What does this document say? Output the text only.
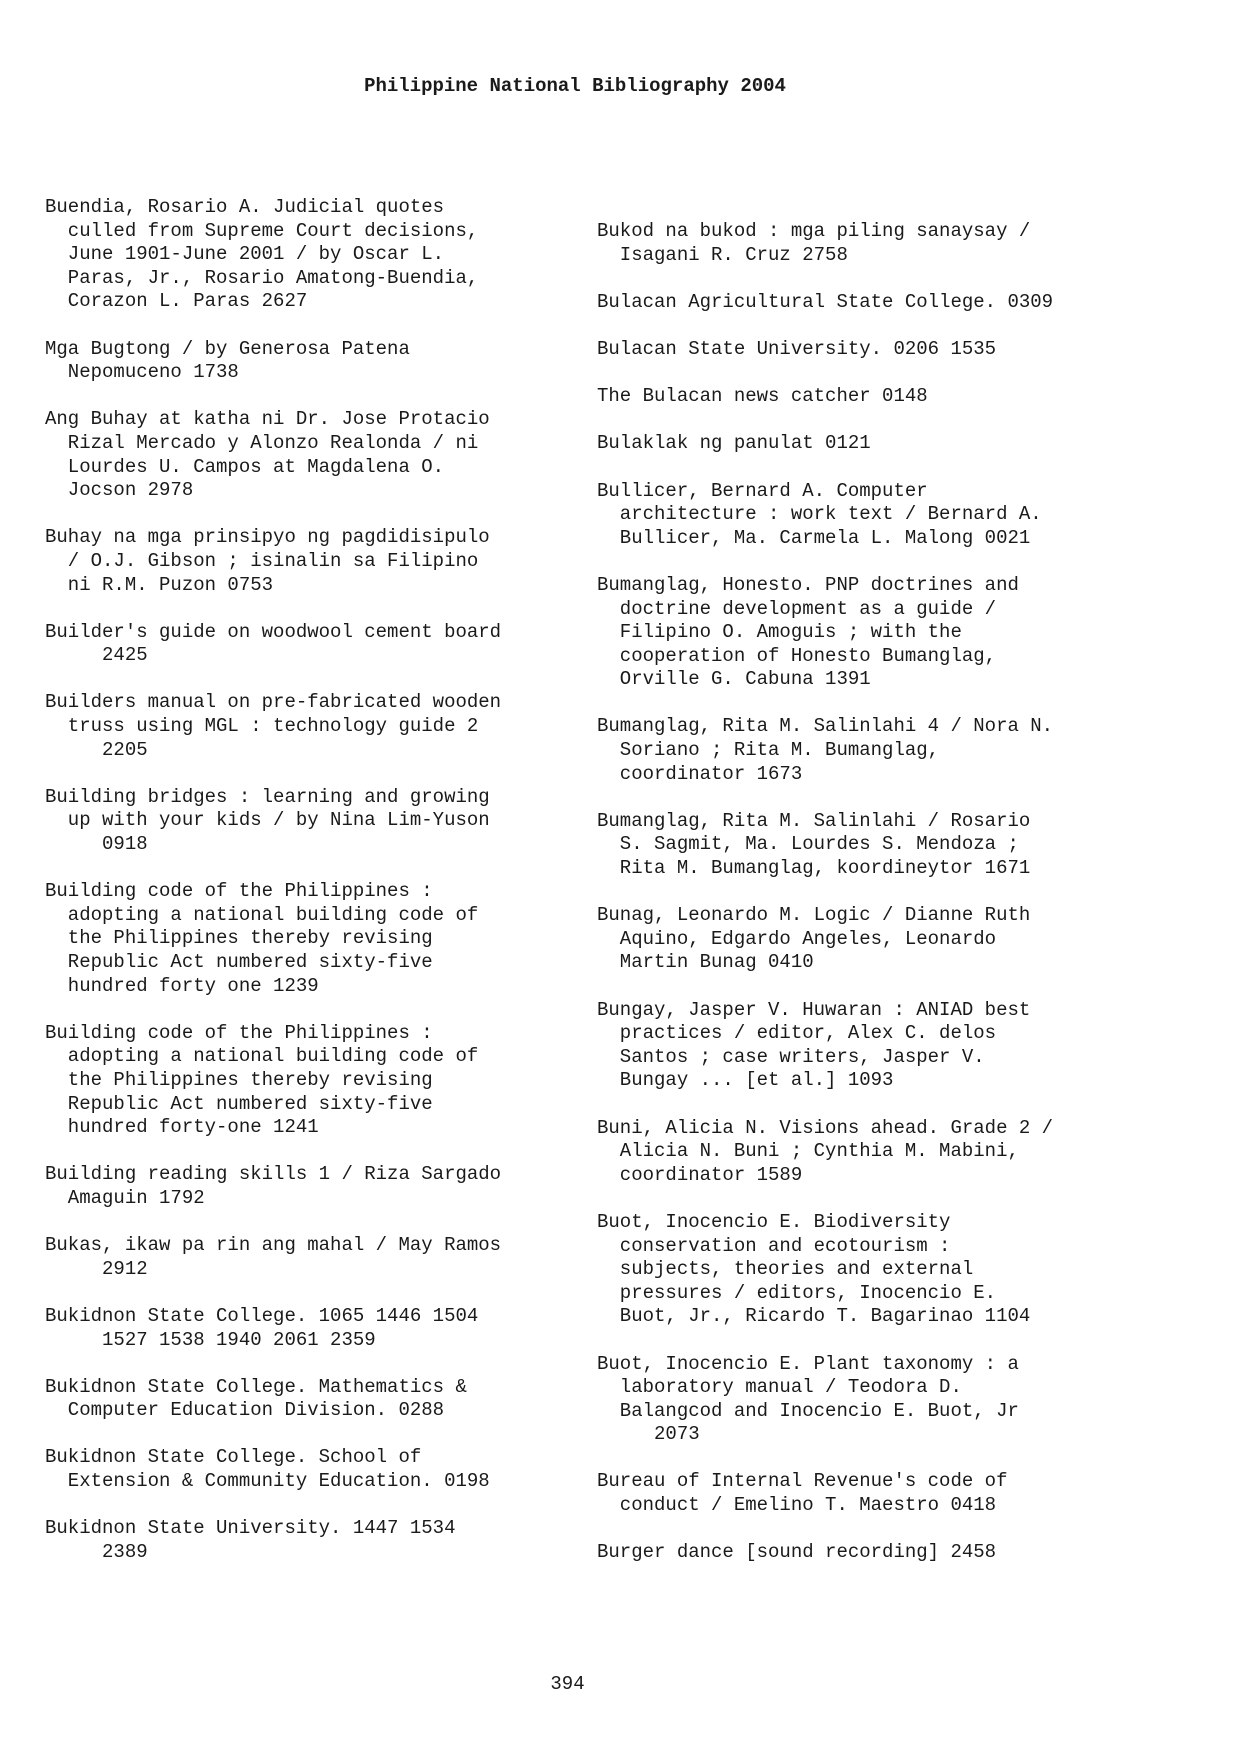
Philippine National Bibliography 2004
Buendia, Rosario A. Judicial quotes
culled from Supreme Court decisions,
June 1901-June 2001 / by Oscar L.
Paras, Jr., Rosario Amatong-Buendia,
Corazon L. Paras 2627
Mga Bugtong / by Generosa Patena
Nepomuceno 1738
Ang Buhay at katha ni Dr. Jose Protacio
Rizal Mercado y Alonzo Realonda / ni
Lourdes U. Campos at Magdalena O.
Jocson 2978
Buhay na mga prinsipyo ng pagdidisipulo
/ O.J. Gibson ; isinalin sa Filipino
ni R.M. Puzon 0753
Builder's guide on woodwool cement board
2425
Builders manual on pre-fabricated wooden
truss using MGL : technology guide 2
2205
Building bridges : learning and growing
up with your kids / by Nina Lim-Yuson
0918
Building code of the Philippines :
adopting a national building code of
the Philippines thereby revising
Republic Act numbered sixty-five
hundred forty one 1239
Building code of the Philippines :
adopting a national building code of
the Philippines thereby revising
Republic Act numbered sixty-five
hundred forty-one 1241
Building reading skills 1 / Riza Sargado
Amaguin 1792
Bukas, ikaw pa rin ang mahal / May Ramos
2912
Bukidnon State College. 1065 1446 1504
1527 1538 1940 2061 2359
Bukidnon State College. Mathematics &
Computer Education Division. 0288
Bukidnon State College. School of
Extension & Community Education. 0198
Bukidnon State University. 1447 1534
2389
Bukod na bukod : mga piling sanaysay /
Isagani R. Cruz 2758
Bulacan Agricultural State College. 0309
Bulacan State University. 0206 1535
The Bulacan news catcher 0148
Bulaklak ng panulat 0121
Bullicer, Bernard A. Computer
architecture : work text / Bernard A.
Bullicer, Ma. Carmela L. Malong 0021
Bumanglag, Honesto. PNP doctrines and
doctrine development as a guide /
Filipino O. Amoguis ; with the
cooperation of Honesto Bumanglag,
Orville G. Cabuna 1391
Bumanglag, Rita M. Salinlahi 4 / Nora N.
Soriano ; Rita M. Bumanglag,
coordinator 1673
Bumanglag, Rita M. Salinlahi / Rosario
S. Sagmit, Ma. Lourdes S. Mendoza ;
Rita M. Bumanglag, koordineytor 1671
Bunag, Leonardo M. Logic / Dianne Ruth
Aquino, Edgardo Angeles, Leonardo
Martin Bunag 0410
Bungay, Jasper V. Huwaran : ANIAD best
practices / editor, Alex C. delos
Santos ; case writers, Jasper V.
Bungay ... [et al.] 1093
Buni, Alicia N. Visions ahead. Grade 2 /
Alicia N. Buni ; Cynthia M. Mabini,
coordinator 1589
Buot, Inocencio E. Biodiversity
conservation and ecotourism :
subjects, theories and external
pressures / editors, Inocencio E.
Buot, Jr., Ricardo T. Bagarinao 1104
Buot, Inocencio E. Plant taxonomy : a
laboratory manual / Teodora D.
Balangcod and Inocencio E. Buot, Jr
2073
Bureau of Internal Revenue's code of
conduct / Emelino T. Maestro 0418
Burger dance [sound recording] 2458
394
